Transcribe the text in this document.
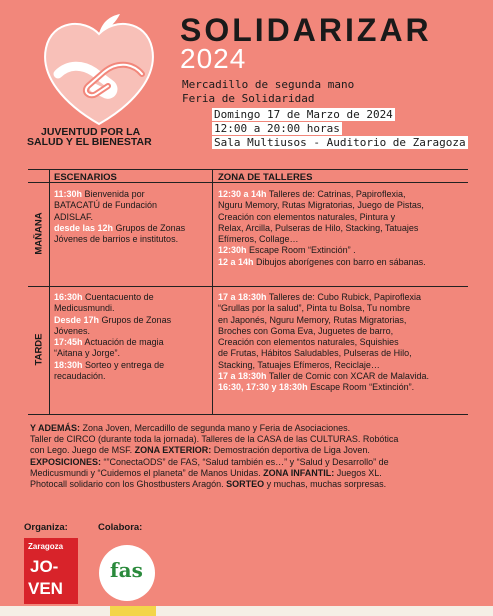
JUVENTUD POR LA
SALUD Y EL BIENESTAR
SOLIDARIZAR
2024
Mercadillo de segunda mano
Feria de Solidaridad
Domingo 17 de Marzo de 2024
12:00 a 20:00 horas
Sala Multiusos - Auditorio de Zaragoza
ESCENARIOS	ZONA DE TALLERES
MAÑANA
TARDE
11:30h Bienvenida por
BATACATÚ de Fundación
ADISLAF.
desde las 12h Grupos de Zonas
Jóvenes de barrios e institutos.
12:30 a 14h Talleres de: Catrinas, Papiroflexia,
Nguru Memory, Rutas Migratorias, Juego de Pistas,
Creación con elementos naturales, Pintura y
Relax, Arcilla, Pulseras de Hilo, Stacking, Tatuajes
Efímeros, Collage…
12:30h Escape Room “Extinción” .
12 a 14h Dibujos aborígenes con barro en sábanas.
16:30h Cuentacuento de
Medicusmundi.
Desde 17h Grupos de Zonas
Jóvenes.
17:45h Actuación de magia
“Aitana y Jorge”.
18:30h Sorteo y entrega de
recaudación.
17 a 18:30h Talleres de: Cubo Rubick, Papiroflexia
“Grullas por la salud”, Pinta tu Bolsa, Tu nombre
en Japonés, Nguru Memory, Rutas Migratorias,
Broches con Goma Eva, Juguetes de barro,
Creación con elementos naturales, Squishies
de Frutas, Hábitos Saludables, Pulseras de Hilo,
Stacking, Tatuajes Efímeros, Reciclaje…
17 a 18:30h Taller de Comic con XCAR de Malavida.
16:30, 17:30 y 18:30h Escape Room “Extinción”.
Y ADEMÁS: Zona Joven, Mercadillo de segunda mano y Feria de Asociaciones.
Taller de CIRCO (durante toda la jornada). Talleres de la CASA de las CULTURAS. Robótica
con Lego. Juego de MSF. ZONA EXTERIOR: Demostración deportiva de Liga Joven.
EXPOSICIONES: “”ConectaODS” de FAS, “Salud también es…” y “Salud y Desarrollo” de
Medicusmundi y “Cuidemos el planeta” de Manos Unidas. ZONA INFANTIL: Juegos XL.
Photocall solidario con los Ghostbusters Aragón. SORTEO y muchas, muchas sorpresas.
Organiza:	Colabora:
Zaragoza
JO-
VEN
fas
